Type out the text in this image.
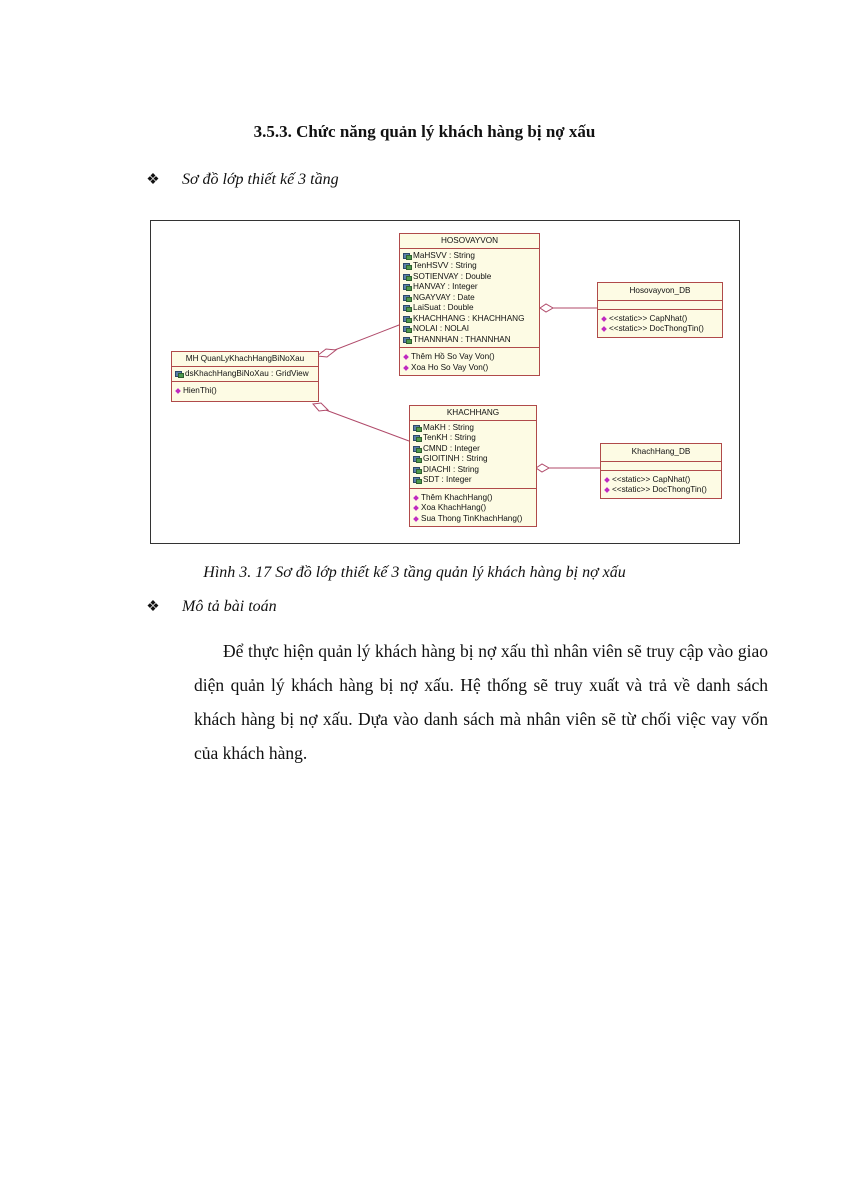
3.5.3. Chức năng quản lý khách hàng bị nợ xấu
❖ Sơ đồ lớp thiết kế 3 tầng
MH QuanLyKhachHangBiNoXau
dsKhachHangBiNoXau : GridView
HienThi()
HOSOVAYVON
MaHSVV : String
TenHSVV : String
SOTIENVAY : Double
HANVAY : Integer
NGAYVAY : Date
LaiSuat : Double
KHACHHANG : KHACHHANG
NOLAI : NOLAI
THANNHAN : THANNHAN
Thêm Hồ So Vay Von()
Xoa Ho So Vay Von()
KHACHHANG
MaKH : String
TenKH : String
CMND : Integer
GIOITINH : String
DIACHI : String
SDT : Integer
Thêm KhachHang()
Xoa KhachHang()
Sua Thong TinKhachHang()
Hosovayvon_DB
<<static>> CapNhat()
<<static>> DocThongTin()
KhachHang_DB
<<static>> CapNhat()
<<static>> DocThongTin()
Hình 3. 17 Sơ đồ lớp thiết kế 3 tầng quản lý khách hàng bị nợ xấu
❖ Mô tả bài toán
Để thực hiện quản lý khách hàng bị nợ xấu thì nhân viên sẽ truy cập vào giao diện quản lý khách hàng bị nợ xấu. Hệ thống sẽ truy xuất và trả về danh sách khách hàng bị nợ xấu. Dựa vào danh sách mà nhân viên sẽ từ chối việc vay vốn của khách hàng.
